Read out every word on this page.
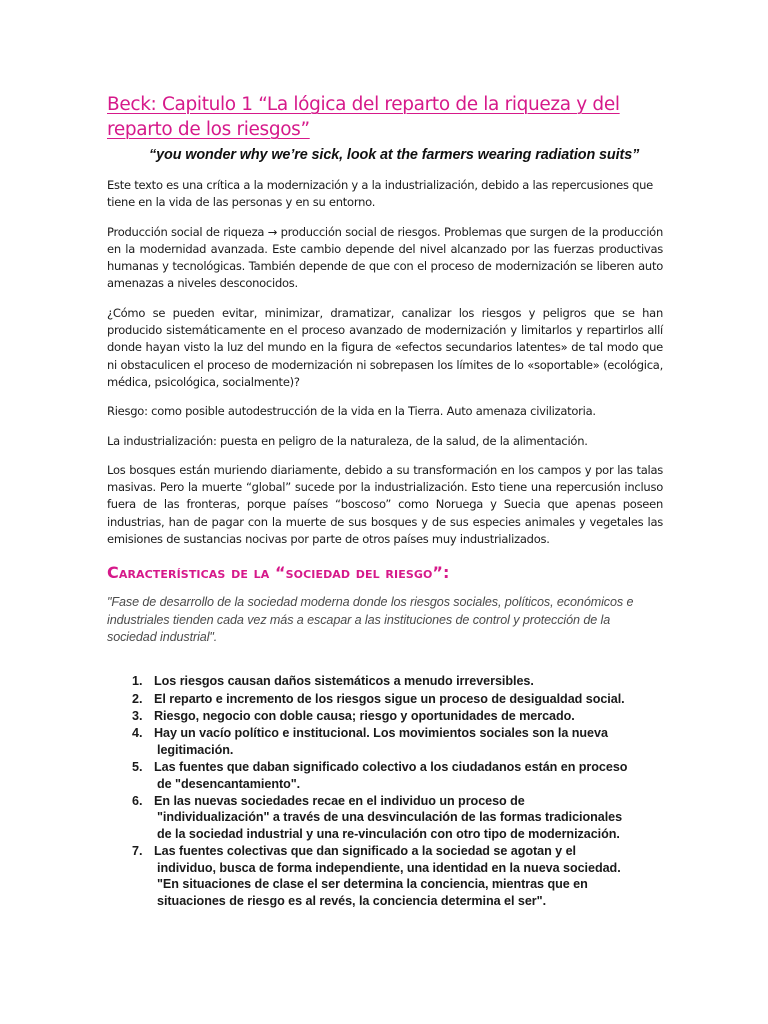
Beck: Capitulo 1 “La lógica del reparto de la riqueza y del reparto de los riesgos”

“you wonder why we’re sick, look at the farmers wearing radiation suits”

Este texto es una crítica a la modernización y a la industrialización, debido a las repercusiones que tiene en la vida de las personas y en su entorno.

Producción social de riqueza → producción social de riesgos. Problemas que surgen de la producción en la modernidad avanzada. Este cambio depende del nivel alcanzado por las fuerzas productivas humanas y tecnológicas. También depende de que con el proceso de modernización se liberen auto amenazas a niveles desconocidos.

¿Cómo se pueden evitar, minimizar, dramatizar, canalizar los riesgos y peligros que se han producido sistemáticamente en el proceso avanzado de modernización y limitarlos y repartirlos allí donde hayan visto la luz del mundo en la figura de «efectos secundarios latentes» de tal modo que ni obstaculicen el proceso de modernización ni sobrepasen los límites de lo «soportable» (ecológica, médica, psicológica, socialmente)?

Riesgo: como posible autodestrucción de la vida en la Tierra. Auto amenaza civilizatoria.

La industrialización: puesta en peligro de la naturaleza, de la salud, de la alimentación.

Los bosques están muriendo diariamente, debido a su transformación en los campos y por las talas masivas. Pero la muerte “global” sucede por la industrialización. Esto tiene una repercusión incluso fuera de las fronteras, porque países “boscoso” como Noruega y Suecia que apenas poseen industrias, han de pagar con la muerte de sus bosques y de sus especies animales y vegetales las emisiones de sustancias nocivas por parte de otros países muy industrializados.

Características de la “sociedad del riesgo”:

"Fase de desarrollo de la sociedad moderna donde los riesgos sociales, políticos, económicos e industriales tienden cada vez más a escapar a las instituciones de control y protección de la sociedad industrial".

1. Los riesgos causan daños sistemáticos a menudo irreversibles.
2. El reparto e incremento de los riesgos sigue un proceso de desigualdad social.
3. Riesgo, negocio con doble causa; riesgo y oportunidades de mercado.
4. Hay un vacío político e institucional. Los movimientos sociales son la nueva
legitimación.
5. Las fuentes que daban significado colectivo a los ciudadanos están en proceso
de "desencantamiento".
6. En las nuevas sociedades recae en el individuo un proceso de
"individualización" a través de una desvinculación de las formas tradicionales
de la sociedad industrial y una re-vinculación con otro tipo de modernización.
7. Las fuentes colectivas que dan significado a la sociedad se agotan y el
individuo, busca de forma independiente, una identidad en la nueva sociedad.
"En situaciones de clase el ser determina la conciencia, mientras que en
situaciones de riesgo es al revés, la conciencia determina el ser".
